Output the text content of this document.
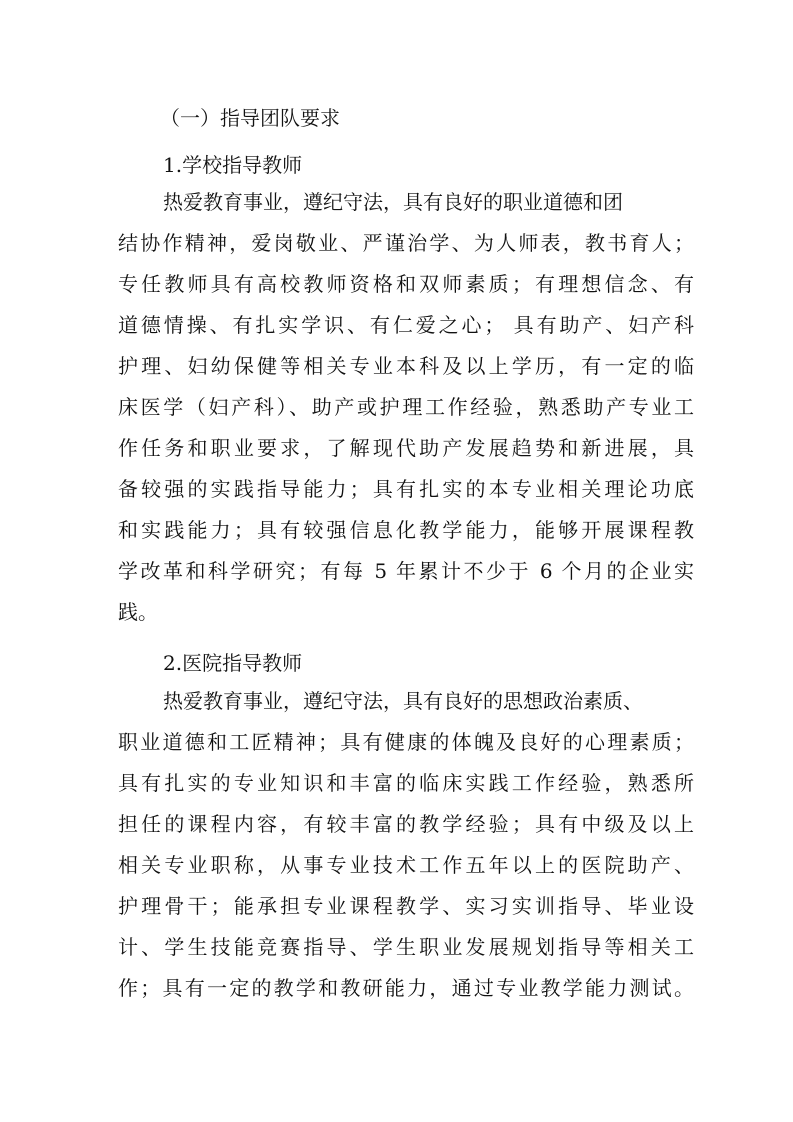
（一）指导团队要求
1.学校指导教师
热爱教育事业，遵纪守法，具有良好的职业道德和团
结协作精神，爱岗敬业、严谨治学、为人师表，教书育人；
专任教师具有高校教师资格和双师素质；有理想信念、有
道德情操、有扎实学识、有仁爱之心； 具有助产、妇产科
护理、妇幼保健等相关专业本科及以上学历，有一定的临
床医学（妇产科）、助产或护理工作经验，熟悉助产专业工
作任务和职业要求，了解现代助产发展趋势和新进展，具
备较强的实践指导能力；具有扎实的本专业相关理论功底
和实践能力；具有较强信息化教学能力，能够开展课程教
学改革和科学研究；有每 5 年累计不少于 6 个月的企业实
践。
2.医院指导教师
热爱教育事业，遵纪守法，具有良好的思想政治素质、
职业道德和工匠精神；具有健康的体魄及良好的心理素质；
具有扎实的专业知识和丰富的临床实践工作经验，熟悉所
担任的课程内容，有较丰富的教学经验；具有中级及以上
相关专业职称，从事专业技术工作五年以上的医院助产、
护理骨干；能承担专业课程教学、实习实训指导、毕业设
计、学生技能竞赛指导、学生职业发展规划指导等相关工
作；具有一定的教学和教研能力，通过专业教学能力测试。
